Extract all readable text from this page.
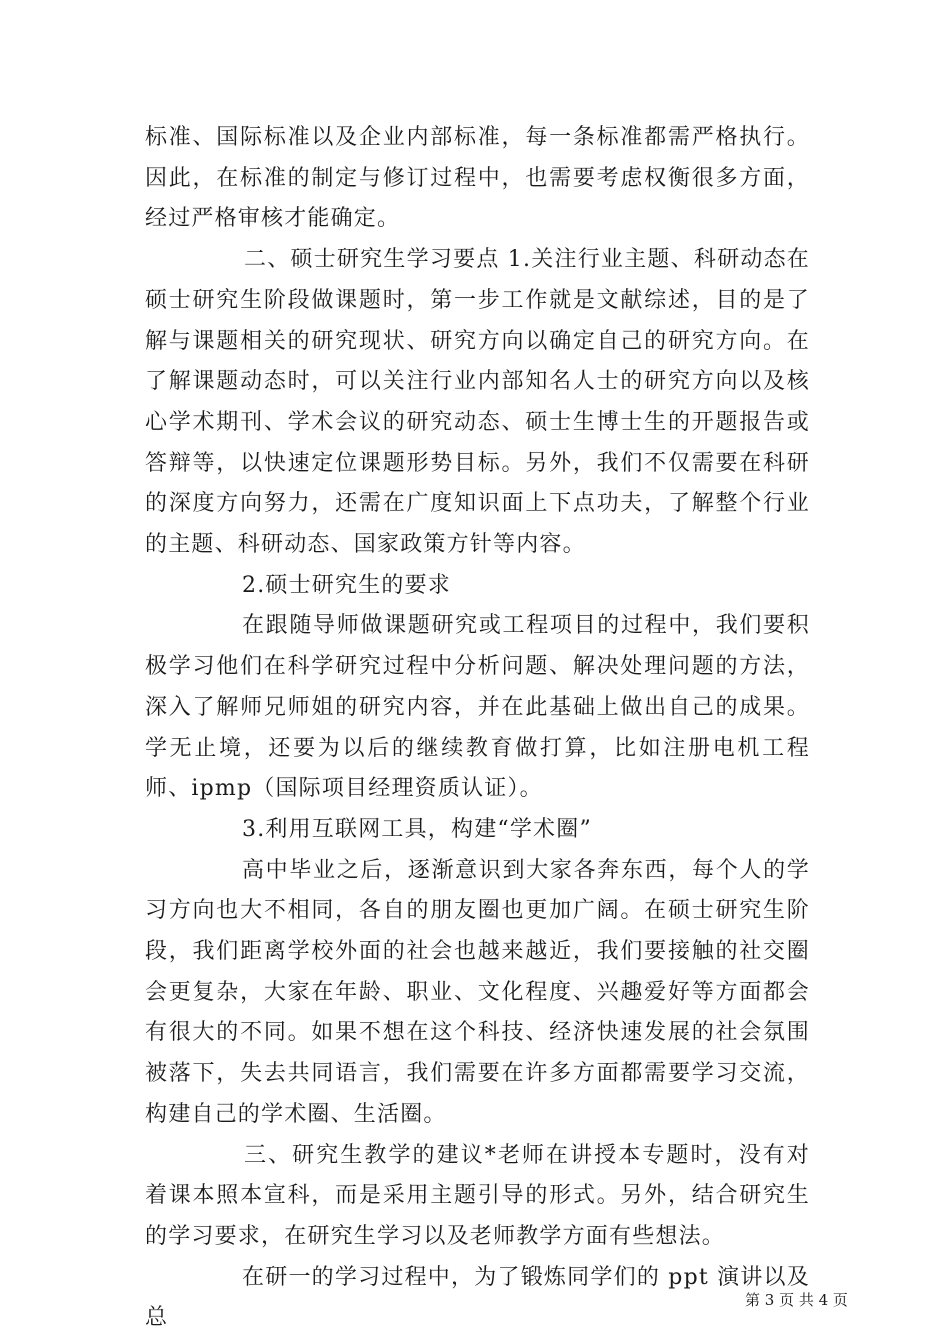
标准、国际标准以及企业内部标准，每一条标准都需严格执行。因此，在标准的制定与修订过程中，也需要考虑权衡很多方面，经过严格审核才能确定。

二、硕士研究生学习要点 1.关注行业主题、科研动态在硕士研究生阶段做课题时，第一步工作就是文献综述，目的是了解与课题相关的研究现状、研究方向以确定自己的研究方向。在了解课题动态时，可以关注行业内部知名人士的研究方向以及核心学术期刊、学术会议的研究动态、硕士生博士生的开题报告或答辩等，以快速定位课题形势目标。另外，我们不仅需要在科研的深度方向努力，还需在广度知识面上下点功夫，了解整个行业的主题、科研动态、国家政策方针等内容。

2.硕士研究生的要求

在跟随导师做课题研究或工程项目的过程中，我们要积极学习他们在科学研究过程中分析问题、解决处理问题的方法，深入了解师兄师姐的研究内容，并在此基础上做出自己的成果。学无止境，还要为以后的继续教育做打算，比如注册电机工程师、ipmp（国际项目经理资质认证）。

3.利用互联网工具，构建“学术圈”

高中毕业之后，逐渐意识到大家各奔东西，每个人的学习方向也大不相同，各自的朋友圈也更加广阔。在硕士研究生阶段，我们距离学校外面的社会也越来越近，我们要接触的社交圈会更复杂，大家在年龄、职业、文化程度、兴趣爱好等方面都会有很大的不同。如果不想在这个科技、经济快速发展的社会氛围被落下，失去共同语言，我们需要在许多方面都需要学习交流，构建自己的学术圈、生活圈。

三、研究生教学的建议*老师在讲授本专题时，没有对着课本照本宣科，而是采用主题引导的形式。另外，结合研究生的学习要求，在研究生学习以及老师教学方面有些想法。

在研一的学习过程中，为了锻炼同学们的 ppt 演讲以及总

第 3 页 共 4 页
